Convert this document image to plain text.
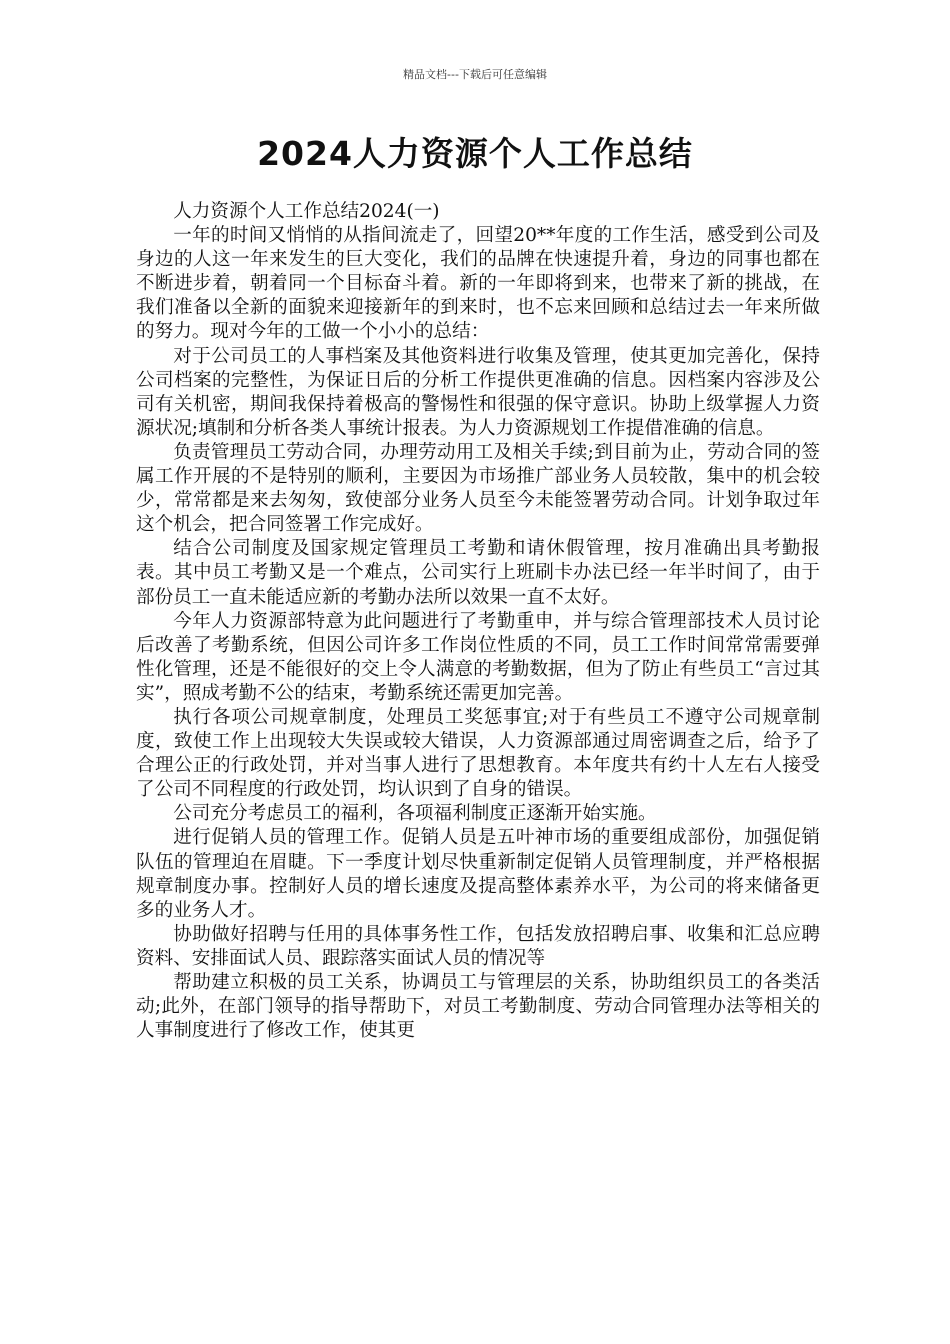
精品文档---下载后可任意编辑
2024人力资源个人工作总结

人力资源个人工作总结2024(一)

一年的时间又悄悄的从指间流走了，回望20**年度的工作生活，感受到公司及身边的人这一年来发生的巨大变化，我们的品牌在快速提升着，身边的同事也都在不断进步着，朝着同一个目标奋斗着。新的一年即将到来，也带来了新的挑战，在我们准备以全新的面貌来迎接新年的到来时，也不忘来回顾和总结过去一年来所做的努力。现对今年的工做一个小小的总结：

对于公司员工的人事档案及其他资料进行收集及管理，使其更加完善化，保持公司档案的完整性，为保证日后的分析工作提供更准确的信息。因档案内容涉及公司有关机密，期间我保持着极高的警惕性和很强的保守意识。协助上级掌握人力资源状况;填制和分析各类人事统计报表。为人力资源规划工作提借准确的信息。

负责管理员工劳动合同，办理劳动用工及相关手续;到目前为止，劳动合同的签属工作开展的不是特别的顺利，主要因为市场推广部业务人员较散，集中的机会较少，常常都是来去匆匆，致使部分业务人员至今未能签署劳动合同。计划争取过年这个机会，把合同签署工作完成好。

结合公司制度及国家规定管理员工考勤和请休假管理，按月准确出具考勤报表。其中员工考勤又是一个难点，公司实行上班刷卡办法已经一年半时间了，由于部份员工一直未能适应新的考勤办法所以效果一直不太好。

今年人力资源部特意为此问题进行了考勤重申，并与综合管理部技术人员讨论后改善了考勤系统，但因公司许多工作岗位性质的不同，员工工作时间常常需要弹性化管理，还是不能很好的交上令人满意的考勤数据，但为了防止有些员工“言过其实”，照成考勤不公的结束，考勤系统还需更加完善。

执行各项公司规章制度，处理员工奖惩事宜;对于有些员工不遵守公司规章制度，致使工作上出现较大失误或较大错误，人力资源部通过周密调查之后，给予了合理公正的行政处罚，并对当事人进行了思想教育。本年度共有约十人左右人接受了公司不同程度的行政处罚，均认识到了自身的错误。

公司充分考虑员工的福利，各项福利制度正逐渐开始实施。

进行促销人员的管理工作。促销人员是五叶神市场的重要组成部份，加强促销队伍的管理迫在眉睫。下一季度计划尽快重新制定促销人员管理制度，并严格根据规章制度办事。控制好人员的增长速度及提高整体素养水平，为公司的将来储备更多的业务人才。

协助做好招聘与任用的具体事务性工作，包括发放招聘启事、收集和汇总应聘资料、安排面试人员、跟踪落实面试人员的情况等

帮助建立积极的员工关系，协调员工与管理层的关系，协助组织员工的各类活动;此外，在部门领导的指导帮助下，对员工考勤制度、劳动合同管理办法等相关的人事制度进行了修改工作，使其更
